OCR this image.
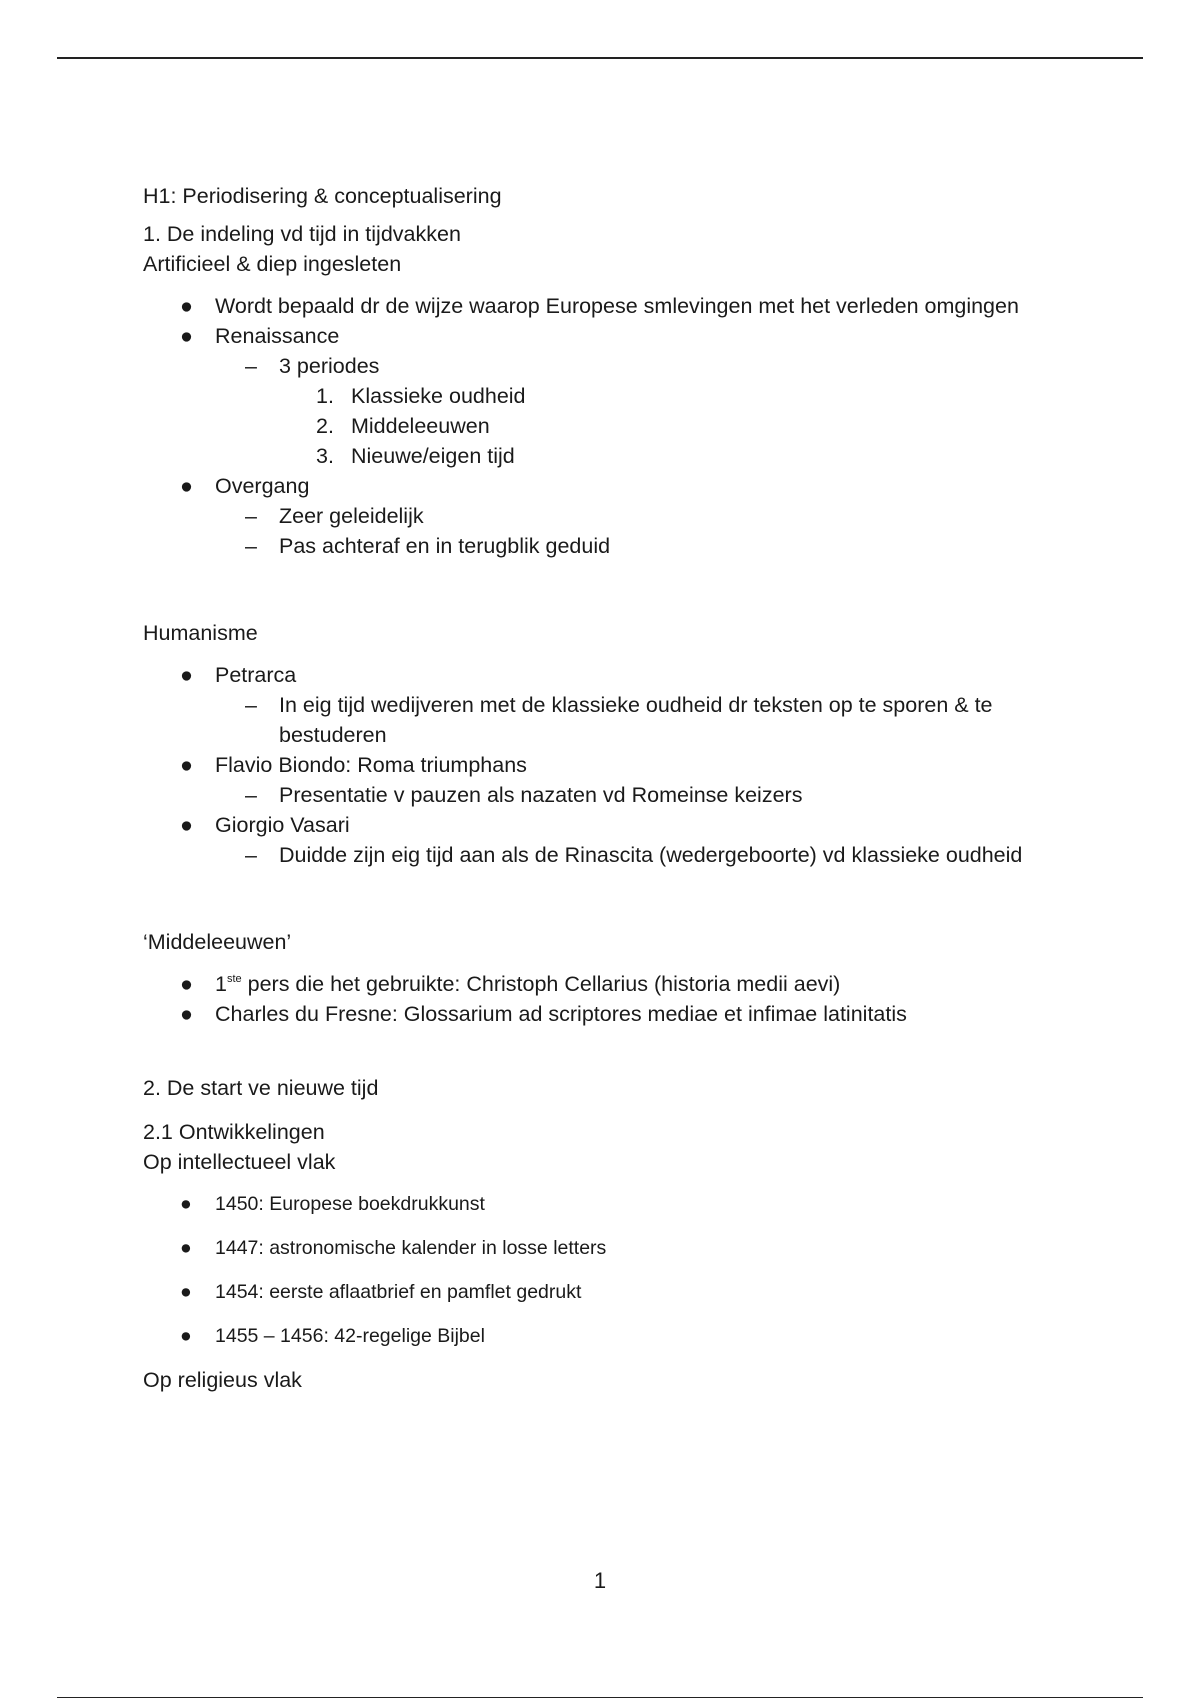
H1: Periodisering & conceptualisering

1. De indeling vd tijd in tijdvakken

Artificieel & diep ingesleten

● Wordt bepaald dr de wijze waarop Europese smlevingen met het verleden omgingen
● Renaissance
– 3 periodes
1. Klassieke oudheid
2. Middeleeuwen
3. Nieuwe/eigen tijd
● Overgang
– Zeer geleidelijk
– Pas achteraf en in terugblik geduid

Humanisme

● Petrarca
– In eig tijd wedijveren met de klassieke oudheid dr teksten op te sporen & te bestuderen
● Flavio Biondo: Roma triumphans
– Presentatie v pauzen als nazaten vd Romeinse keizers
● Giorgio Vasari
– Duidde zijn eig tijd aan als de Rinascita (wedergeboorte) vd klassieke oudheid

‘Middeleeuwen’

● 1ste pers die het gebruikte: Christoph Cellarius (historia medii aevi)
● Charles du Fresne: Glossarium ad scriptores mediae et infimae latinitatis

2. De start ve nieuwe tijd

2.1 Ontwikkelingen

Op intellectueel vlak

● 1450: Europese boekdrukkunst
● 1447: astronomische kalender in losse letters
● 1454: eerste aflaatbrief en pamflet gedrukt
● 1455 – 1456: 42-regelige Bijbel

Op religieus vlak

1
